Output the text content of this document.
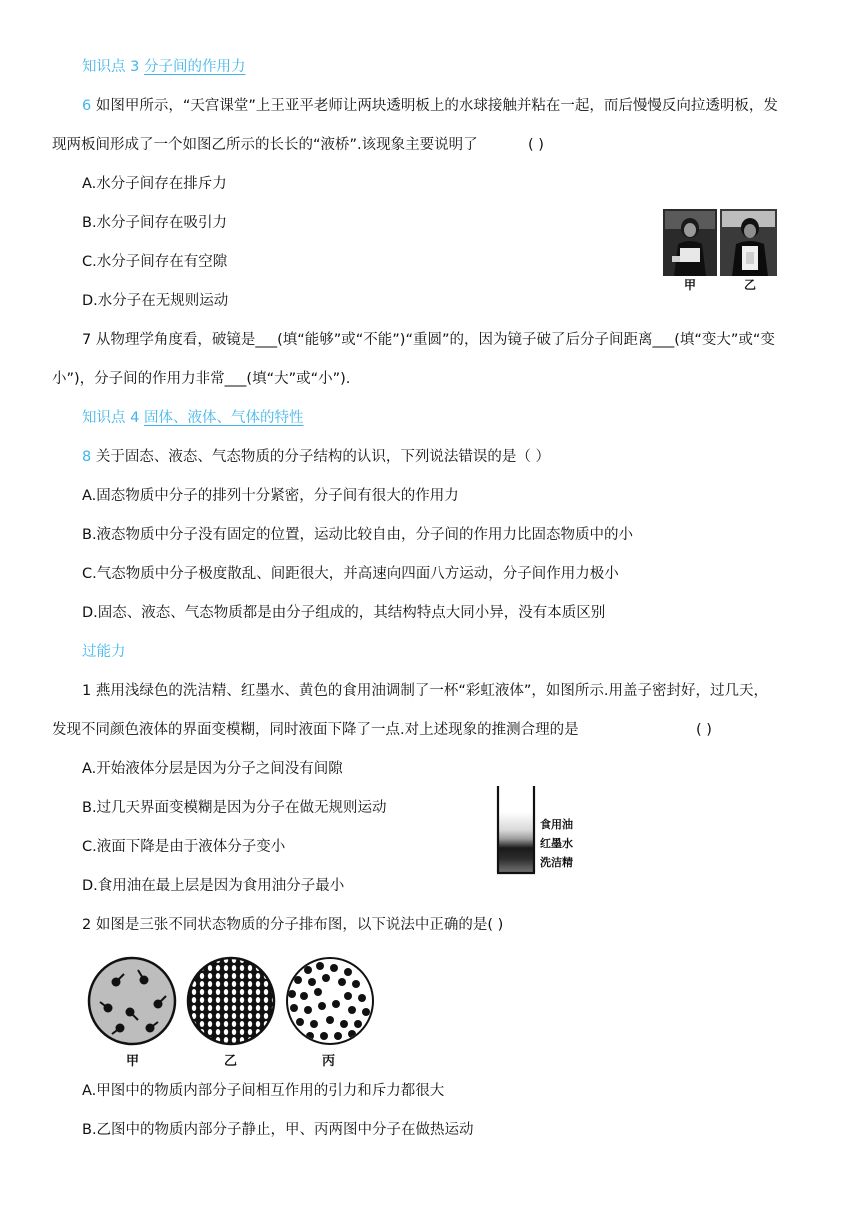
知识点 3 分子间的作用力
6 如图甲所示，“天宫课堂”上王亚平老师让两块透明板上的水球接触并粘在一起，而后慢慢反向拉透明板，发
现两板间形成了一个如图乙所示的长长的“液桥”.该现象主要说明了	( )
A.水分子间存在排斥力
B.水分子间存在吸引力
C.水分子间存在有空隙
D.水分子在无规则运动
甲	乙
7 从物理学角度看，破镜是___(填“能够”或“不能”)“重圆”的，因为镜子破了后分子间距离___(填“变大”或“变
小”)，分子间的作用力非常___(填“大”或“小”).
知识点 4 固体、液体、气体的特性
8 关于固态、液态、气态物质的分子结构的认识，下列说法错误的是（ ）
A.固态物质中分子的排列十分紧密，分子间有很大的作用力
B.液态物质中分子没有固定的位置，运动比较自由，分子间的作用力比固态物质中的小
C.气态物质中分子极度散乱、间距很大，并高速向四面八方运动，分子间作用力极小
D.固态、液态、气态物质都是由分子组成的，其结构特点大同小异，没有本质区别
过能力
1 燕用浅绿色的洗洁精、红墨水、黄色的食用油调制了一杯“彩虹液体”，如图所示.用盖子密封好，过几天，
发现不同颜色液体的界面变模糊，同时液面下降了一点.对上述现象的推测合理的是	( )
A.开始液体分层是因为分子之间没有间隙
B.过几天界面变模糊是因为分子在做无规则运动
C.液面下降是由于液体分子变小
D.食用油在最上层是因为食用油分子最小
食用油
红墨水
洗洁精
2 如图是三张不同状态物质的分子排布图，以下说法中正确的是( )
甲	乙	丙
A.甲图中的物质内部分子间相互作用的引力和斥力都很大
B.乙图中的物质内部分子静止，甲、丙两图中分子在做热运动
